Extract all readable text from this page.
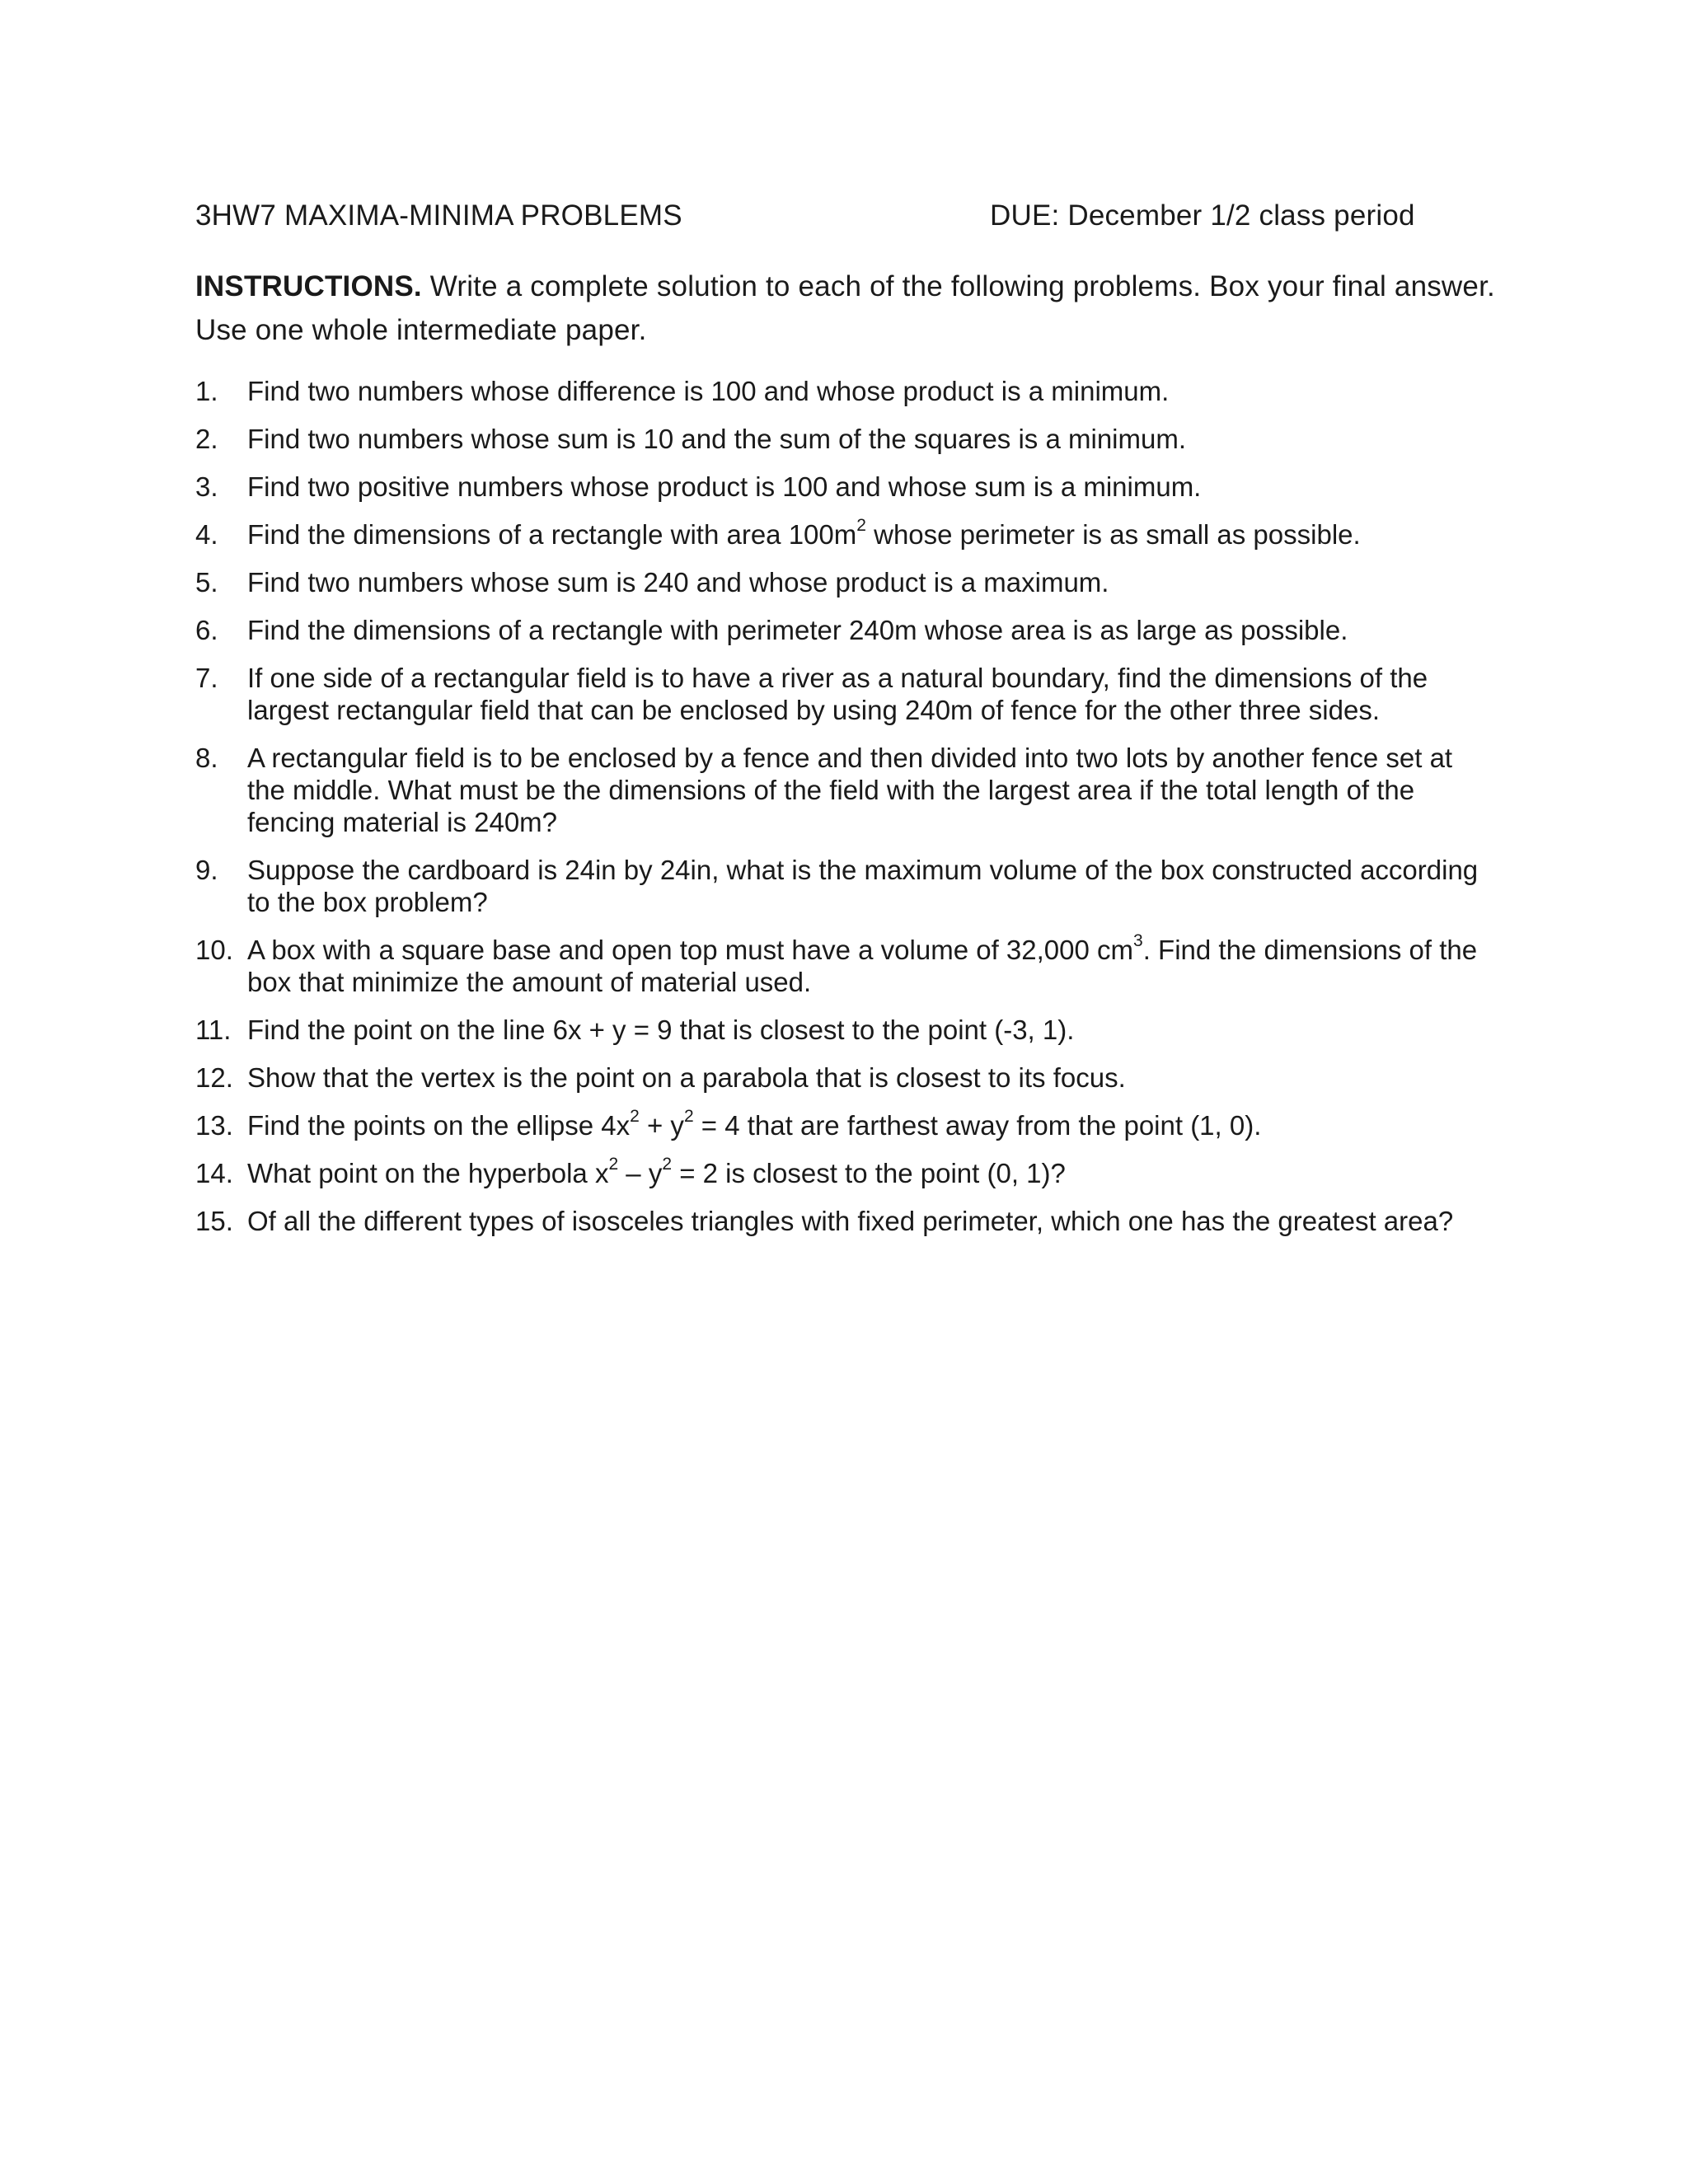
3HW7 MAXIMA-MINIMA PROBLEMS	DUE: December 1/2 class period
INSTRUCTIONS. Write a complete solution to each of the following problems. Box your final answer. Use one whole intermediate paper.
1.	Find two numbers whose difference is 100 and whose product is a minimum.
2.	Find two numbers whose sum is 10 and the sum of the squares is a minimum.
3.	Find two positive numbers whose product is 100 and whose sum is a minimum.
4.	Find the dimensions of a rectangle with area $100m^2$ whose perimeter is as small as possible.
5.	Find two numbers whose sum is 240 and whose product is a maximum.
6.	Find the dimensions of a rectangle with perimeter 240m whose area is as large as possible.
7.	If one side of a rectangular field is to have a river as a natural boundary, find the dimensions of the largest rectangular field that can be enclosed by using 240m of fence for the other three sides.
8.	A rectangular field is to be enclosed by a fence and then divided into two lots by another fence set at the middle. What must be the dimensions of the field with the largest area if the total length of the fencing material is 240m?
9.	Suppose the cardboard is 24in by 24in, what is the maximum volume of the box constructed according to the box problem?
10. A box with a square base and open top must have a volume of 32,000 $cm^3$. Find the dimensions of the box that minimize the amount of material used.
11. Find the point on the line 6x + y = 9 that is closest to the point (-3, 1).
12. Show that the vertex is the point on a parabola that is closest to its focus.
13. Find the points on the ellipse $4x^2 + y^2 = 4$ that are farthest away from the point (1, 0).
14. What point on the hyperbola $x^2 - y^2 = 2$ is closest to the point (0, 1)?
15. Of all the different types of isosceles triangles with fixed perimeter, which one has the greatest area?
